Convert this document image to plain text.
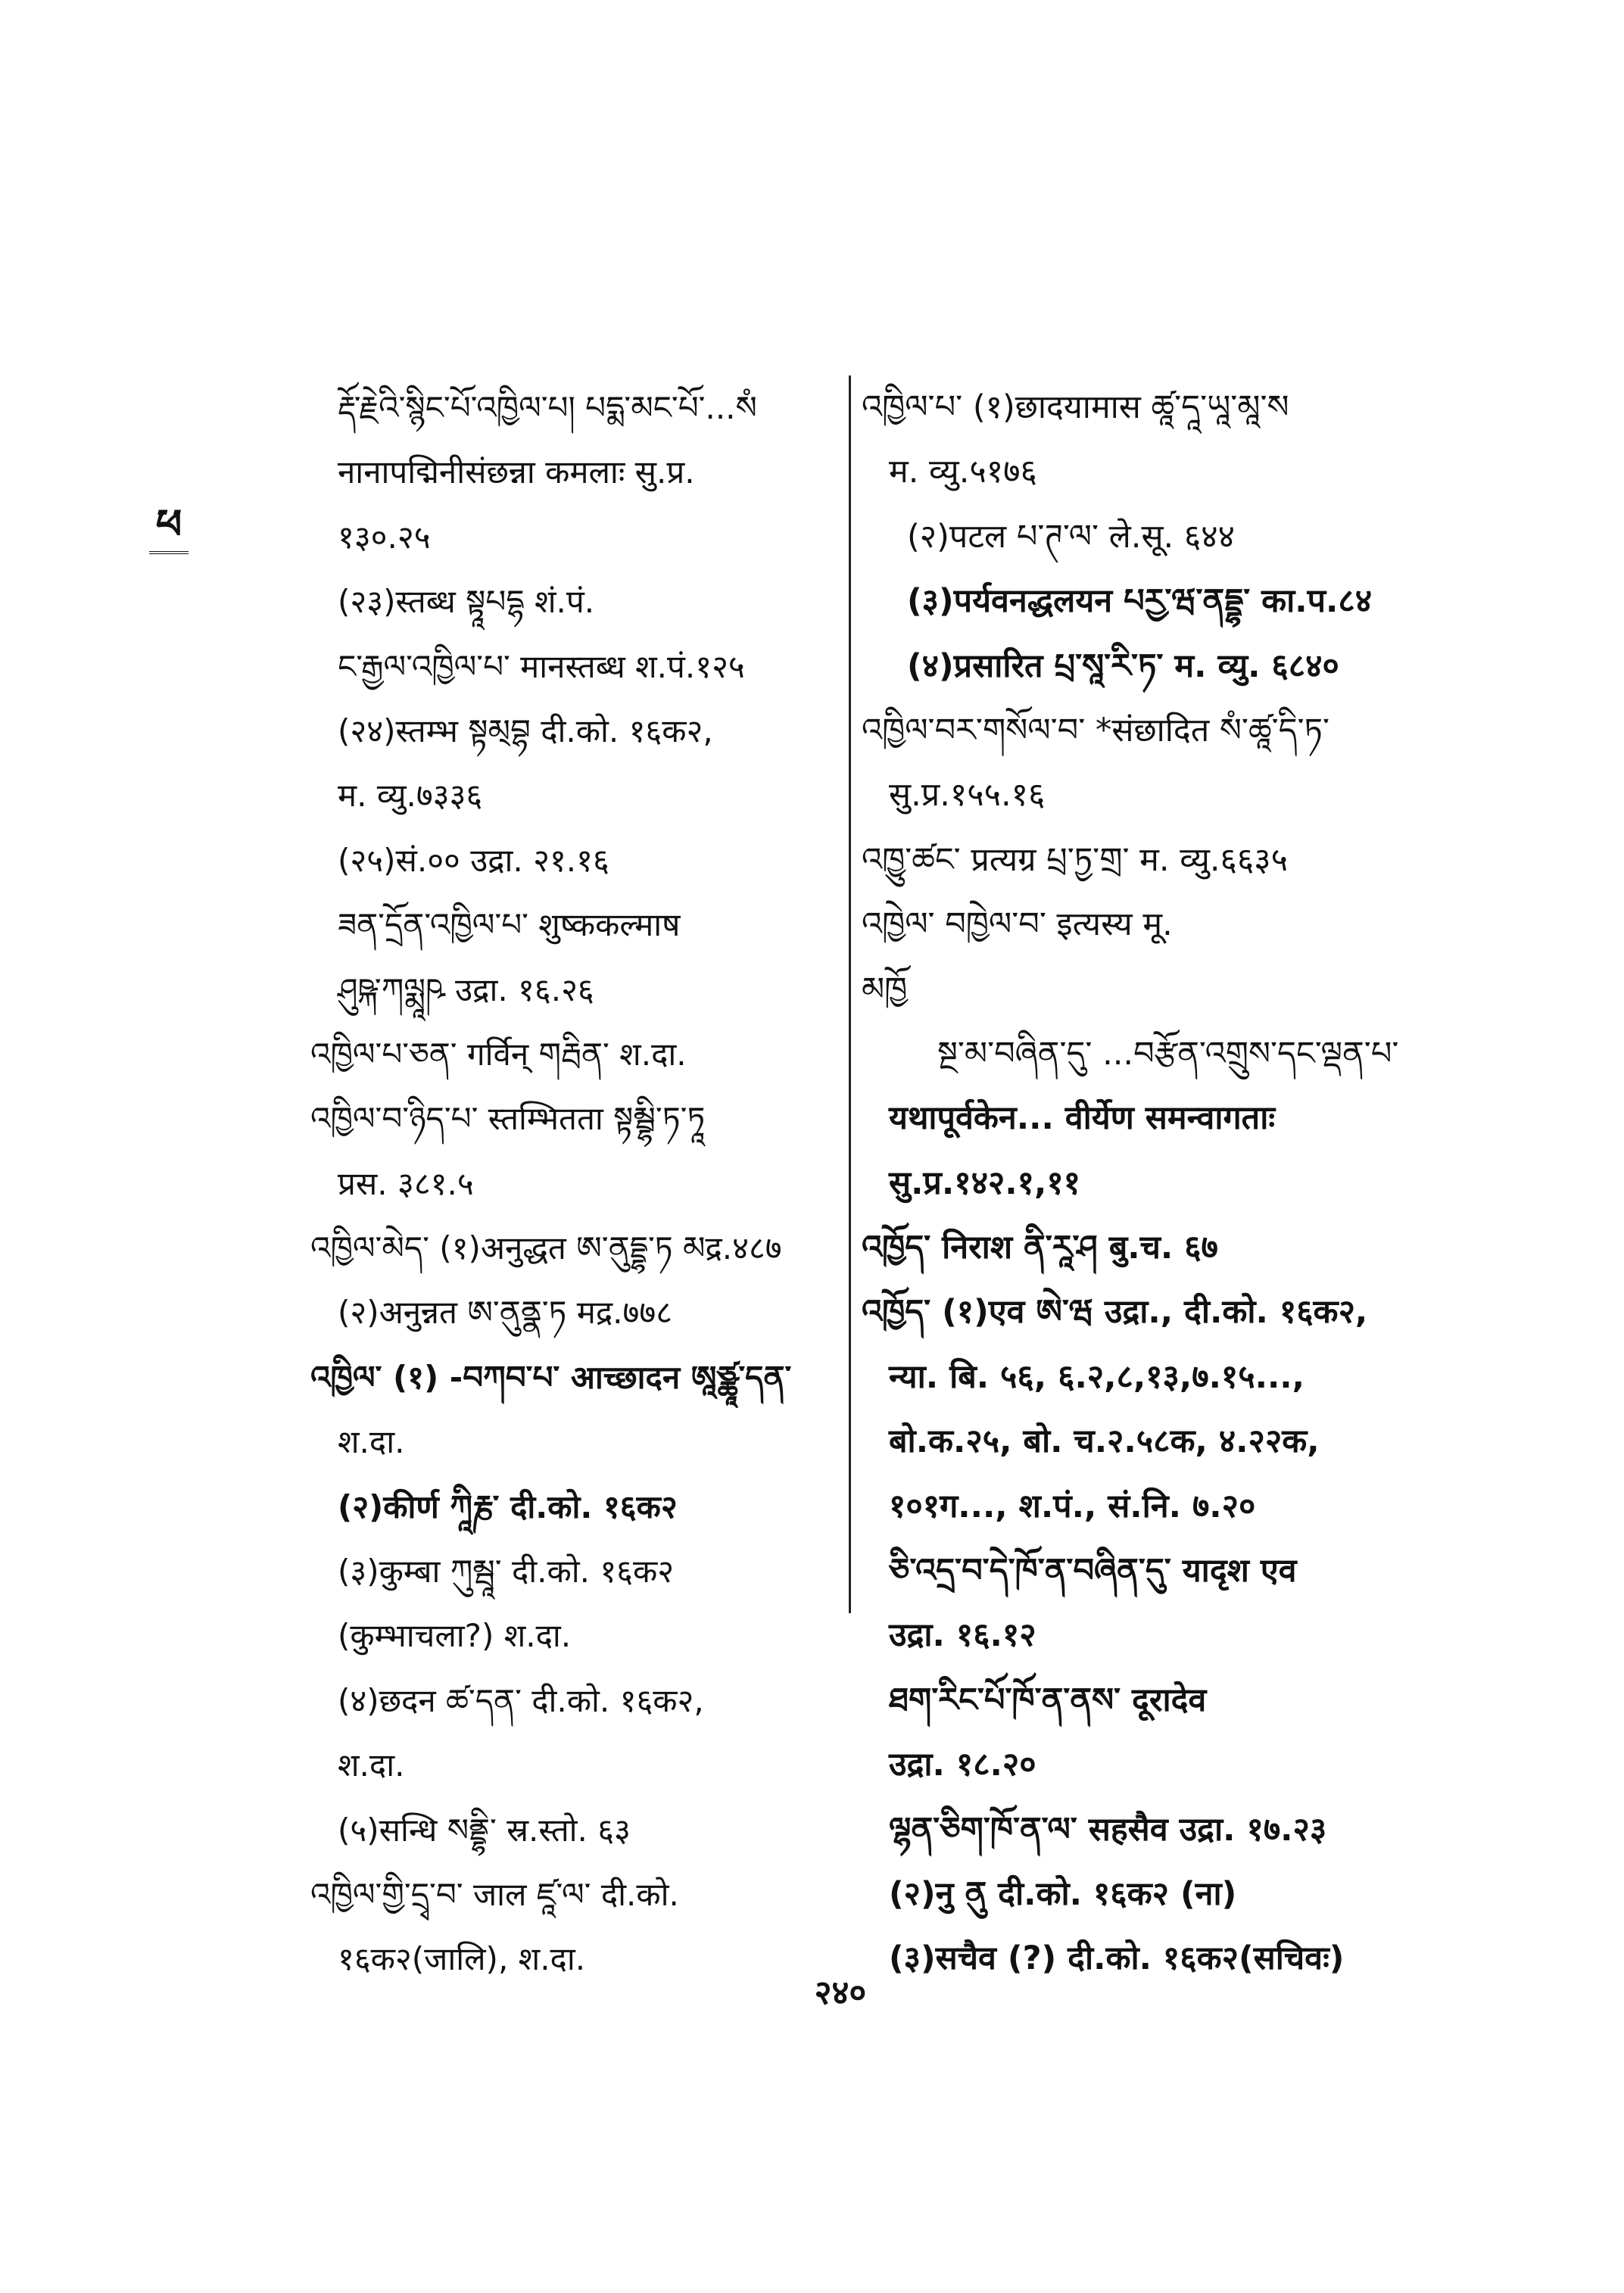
ཕ
རྡོ་རྗེའི་སྙིང་པོ་འཁྱིལ་པ། པདྨ་མང་པོ་...སཾ
नानापद्मिनीसंछन्ना कमलाः सु.प्र.
१३०.२५
(२३)स्तब्ध སྟཱཔདྷ शं.पं.
ང་རྒྱལ་འཁྱིལ་པ་ मानस्तब्ध श.पं.१२५
(२४)स्तम्भ སྟམ྄བྷ दी.को. १६क२,
म. व्यु.७३३६
(२५)सं.०० उद्रा. २१.१६
ཟན་དྲོན་འཁྱིལ་པ་ शुष्ककल्माष
ཤུཥྐ་ཀལྨཱཥ उद्रा. १६.२६
འཁྱིལ་པ་ཅན་ गर्विन् གརྦིན་ श.दा.
འཁྱིལ་བ་ཉིད་པ་ स्तम्भितता སྟམྦྷི་ཏ་ཏཱ
प्रस. ३८१.५
འཁྱིལ་མེད་ (१)अनुद्धत ཨ་ནུདྡྷ་ཏ མद्र.४८७
(२)अनुन्नत ཨ་ནུནྣ་ཏ मद्र.७७८
འཁྱིལ་ (१) -བཀབ་པ་ आच्छादन ཨཱཙྪཱ་དན་
श.दा.
(२)कीर्ण ཀཱིརྞ་ दी.को. १६क२
(३)कुम्बा ཀུམྦཱ་ दी.को. १६क२
(कुम्भाचला?) श.दा.
(४)छदन ཚ་དན་ दी.को. १६क२,
श.दा.
(५)सन्धि སནྡྷི་ स्र.स्तो. ६३
འཁྱིལ་གྱི་དྲྭ་བ་ जाल ཛཱ་ལ་ दी.को.
१६क२(जालि), श.दा.
འཁྱིལ་པ་ (१)छादयामास ཚཱ་དཱ་ཡཱ་མཱ་ས
म. व्यु.५१७६
(२)पटल པ་ཊ་ལ་ ले.सू. ६४४
(३)पर्यवनद्धलयन པརྱ་ཝ་ནདྡྷ་ का.प.८४
(४)प्रसारित པྲ་སཱ་རི་ཏ་ म. व्यु. ६८४०
འཁྱིལ་བར་གསོལ་བ་ *संछादित སཾ་ཚཱ་དི་ཏ་
सु.प्र.१५५.१६
འཁྱུ་ཚང་ प्रत्यग्र པྲ་ཏྱ་གྲ་ म. व्यु.६६३५
འཁྱེལ་ བཁྱེལ་བ་ इत्यस्य मू.
མཁྱོ
སྔ་མ་བཞིན་དུ་ ...བརྩོན་འགྲུས་དང་ལྡན་པ་
यथापूर्वकेन... वीर्येण समन्वागताः
सु.प्र.१४२.१,११
འཁྱོད་ निराश ནི་རཱ་ཤ बु.च. ६७
འཁྱོད་ (१)एव ཨེ་ཝ उद्रा., दी.को. १६क२,
न्या. बि. ५६, ६.२,८,१३,७.१५...,
बो.क.२५, बो. च.२.५८क, ४.२२क,
१०१ग..., श.पं., सं.नि. ७.२०
ཅི་འདྲ་བ་དེ་ཁོ་ན་བཞིན་དུ་ यादृश एव
उद्रा. १६.१२
ཐག་རིང་པོ་ཁོ་ན་ནས་ दूरादेव
उद्रा. १८.२०
ལྷན་ཅིག་ཁོ་ན་ལ་ सहसैव उद्रा. १७.२३
(२)नु ནུ दी.को. १६क२ (ना)
(३)सचैव (?) दी.को. १६क२(सचिवः)
२४०
